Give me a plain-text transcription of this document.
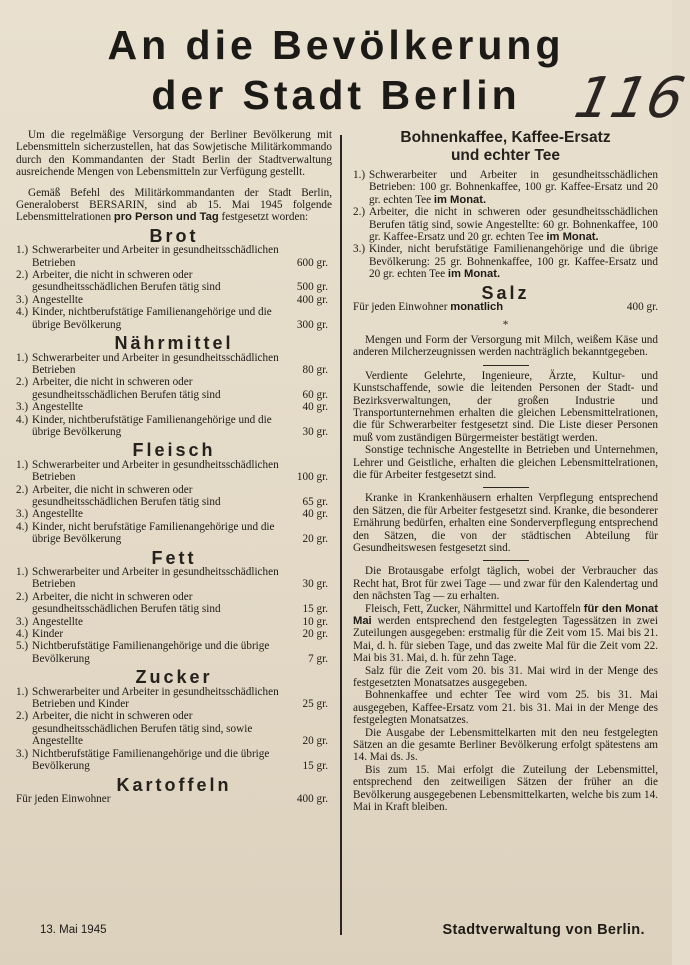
An die Bevölkerung
der Stadt Berlin 116

Um die regelmäßige Versorgung der Berliner Bevölkerung mit Lebensmitteln sicherzustellen, hat das Sowjetische Militärkommando durch den Kommandanten der Stadt Berlin der Stadtverwaltung ausreichende Mengen von Lebensmitteln zur Verfügung gestellt.

Gemäß Befehl des Militärkommandanten der Stadt Berlin, Generaloberst BERSARIN, sind ab 15. Mai 1945 folgende Lebensmittelrationen pro Person und Tag festgesetzt worden:

Brot
1.) Schwerarbeiter und Arbeiter in gesundheitsschädlichen Betrieben	600 gr.
2.) Arbeiter, die nicht in schweren oder gesundheitsschädlichen Berufen tätig sind	500 gr.
3.) Angestellte	400 gr.
4.) Kinder, nichtberufstätige Familienangehörige und die übrige Bevölkerung	300 gr.
Nährmittel
1.) Schwerarbeiter und Arbeiter in gesundheitsschädlichen Betrieben	80 gr.
2.) Arbeiter, die nicht in schweren oder gesundheitsschädlichen Berufen tätig sind	60 gr.
3.) Angestellte	40 gr.
4.) Kinder, nichtberufstätige Familienangehörige und die übrige Bevölkerung	30 gr.
Fleisch
1.) Schwerarbeiter und Arbeiter in gesundheitsschädlichen Betrieben	100 gr.
2.) Arbeiter, die nicht in schweren oder gesundheitsschädlichen Berufen tätig sind	65 gr.
3.) Angestellte	40 gr.
4.) Kinder, nicht berufstätige Familienangehörige und die übrige Bevölkerung	20 gr.
Fett
1.) Schwerarbeiter und Arbeiter in gesundheitsschädlichen Betrieben	30 gr.
2.) Arbeiter, die nicht in schweren oder gesundheitsschädlichen Berufen tätig sind	15 gr.
3.) Angestellte	10 gr.
4.) Kinder	20 gr.
5.) Nichtberufstätige Familienangehörige und die übrige Bevölkerung	7 gr.
Zucker
1.) Schwerarbeiter und Arbeiter in gesundheitsschädlichen Betrieben und Kinder	25 gr.
2.) Arbeiter, die nicht in schweren oder gesundheitsschädlichen Berufen tätig sind, sowie Angestellte	20 gr.
3.) Nichtberufstätige Familienangehörige und die übrige Bevölkerung	15 gr.
Kartoffeln
Für jeden Einwohner	400 gr.
Bohnenkaffee, Kaffee-Ersatz
und echter Tee
1.) Schwerarbeiter und Arbeiter in gesundheitsschädlichen Betrieben: 100 gr. Bohnenkaffee, 100 gr. Kaffee-Ersatz und 20 gr. echten Tee im Monat.
2.) Arbeiter, die nicht in schweren oder gesundheitsschädlichen Berufen tätig sind, sowie Angestellte: 60 gr. Bohnenkaffee, 100 gr. Kaffee-Ersatz und 20 gr. echten Tee im Monat.
3.) Kinder, nicht berufstätige Familienangehörige und die übrige Bevölkerung: 25 gr. Bohnenkaffee, 100 gr. Kaffee-Ersatz und 20 gr. echten Tee im Monat.
Salz
Für jeden Einwohner monatlich	400 gr.
*

Mengen und Form der Versorgung mit Milch, weißem Käse und anderen Milcherzeugnissen werden nachträglich bekanntgegeben.

Verdiente Gelehrte, Ingenieure, Ärzte, Kultur- und Kunstschaffende, sowie die leitenden Personen der Stadt- und Bezirksverwaltungen, der großen Industrie und Transportunternehmen erhalten die gleichen Lebensmittelrationen, die für Schwerarbeiter festgesetzt sind. Die Liste dieser Personen muß vom zuständigen Bürgermeister bestätigt werden.

Sonstige technische Angestellte in Betrieben und Unternehmen, Lehrer und Geistliche, erhalten die gleichen Lebensmittelrationen, die für Arbeiter festgesetzt sind.

Kranke in Krankenhäusern erhalten Verpflegung entsprechend den Sätzen, die für Arbeiter festgesetzt sind. Kranke, die besonderer Ernährung bedürfen, erhalten eine Sonderverpflegung entsprechend den Sätzen, die von der städtischen Abteilung für Gesundheitswesen festgesetzt sind.

Die Brotausgabe erfolgt täglich, wobei der Verbraucher das Recht hat, Brot für zwei Tage — und zwar für den Kalendertag und den nächsten Tag — zu erhalten.

Fleisch, Fett, Zucker, Nährmittel und Kartoffeln für den Monat Mai werden entsprechend den festgelegten Tagessätzen in zwei Zuteilungen ausgegeben: erstmalig für die Zeit vom 15. Mai bis 21. Mai, d. h. für sieben Tage, und das zweite Mal für die Zeit vom 22. Mai bis 31. Mai, d. h. für zehn Tage.

Salz für die Zeit vom 20. bis 31. Mai wird in der Menge des festgesetzten Monatsatzes ausgegeben.

Bohnenkaffee und echter Tee wird vom 25. bis 31. Mai ausgegeben, Kaffee-Ersatz vom 21. bis 31. Mai in der Menge des festgelegten Monatsatzes.

Die Ausgabe der Lebensmittelkarten mit den neu festgelegten Sätzen an die gesamte Berliner Bevölkerung erfolgt spätestens am 14. Mai ds. Js.

Bis zum 15. Mai erfolgt die Zuteilung der Lebensmittel, entsprechend den zeitweiligen Sätzen der früher an die Bevölkerung ausgegebenen Lebensmittelkarten, welche bis zum 14. Mai in Kraft bleiben.

13. Mai 1945	Stadtverwaltung von Berlin.
